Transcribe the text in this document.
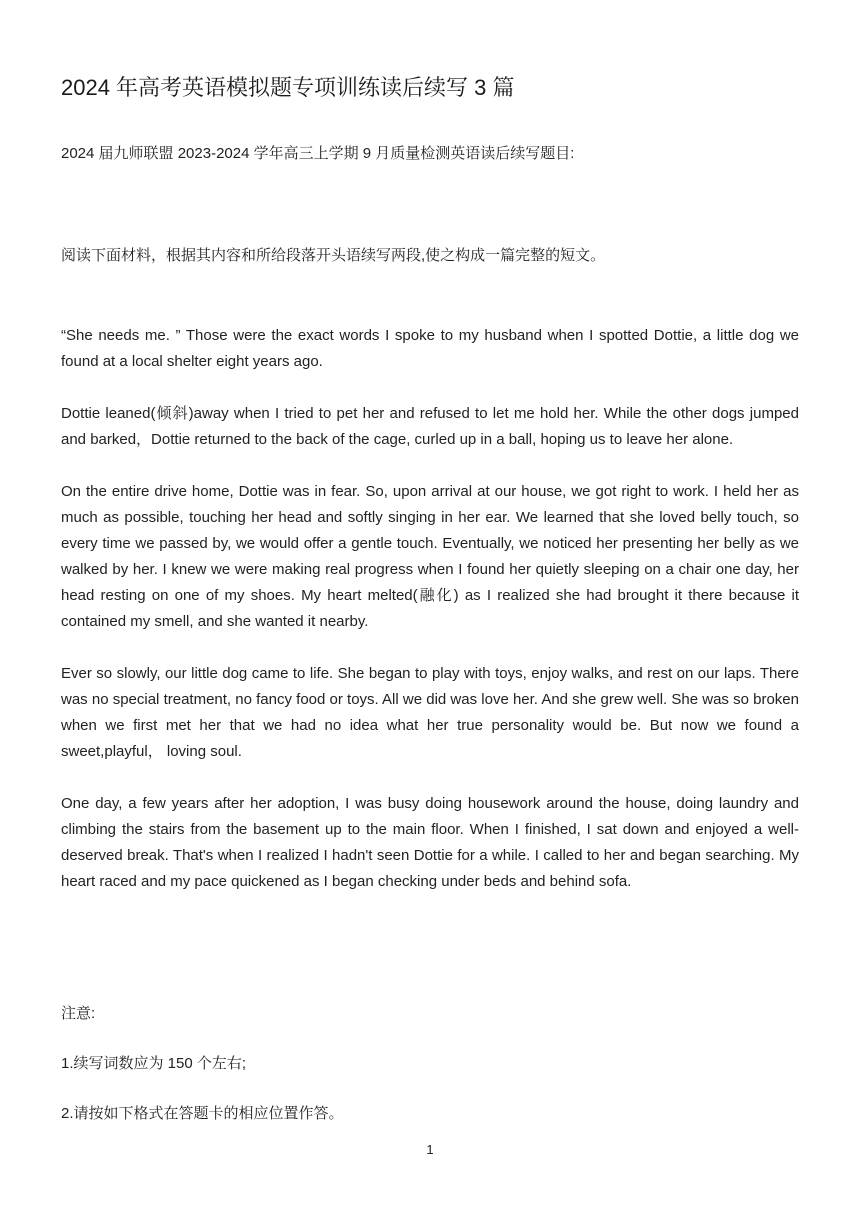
2024 年高考英语模拟题专项训练读后续写 3 篇

2024 届九师联盟 2023-2024 学年高三上学期 9 月质量检测英语读后续写题目:

阅读下面材料，根据其内容和所给段落开头语续写两段,使之构成一篇完整的短文。

“She needs me. ” Those were the exact words I spoke to my husband when I spotted Dottie, a little dog we found at a local shelter eight years ago.

Dottie leaned(倾斜)away when I tried to pet her and refused to let me hold her. While the other dogs jumped and barked，Dottie returned to the back of the cage, curled up in a ball, hoping us to leave her alone.

On the entire drive home, Dottie was in fear. So, upon arrival at our house, we got right to work. I held her as much as possible, touching her head and softly singing in her ear. We learned that she loved belly touch, so every time we passed by, we would offer a gentle touch. Eventually, we noticed her presenting her belly as we walked by her. I knew we were making real progress when I found her quietly sleeping on a chair one day, her head resting on one of my shoes. My heart melted(融化) as I realized she had brought it there because it contained my smell, and she wanted it nearby.

Ever so slowly, our little dog came to life. She began to play with toys, enjoy walks, and rest on our laps. There was no special treatment, no fancy food or toys. All we did was love her. And she grew well. She was so broken when we first met her that we had no idea what her true personality would be. But now we found a sweet,playful， loving soul.

One day, a few years after her adoption, I was busy doing housework around the house, doing laundry and climbing the stairs from the basement up to the main floor. When I finished, I sat down and enjoyed a well-deserved break. That's when I realized I hadn't seen Dottie for a while. I called to her and began searching. My heart raced and my pace quickened as I began checking under beds and behind sofa.

注意:

1.续写词数应为 150 个左右;

2.请按如下格式在答题卡的相应位置作答。

1
